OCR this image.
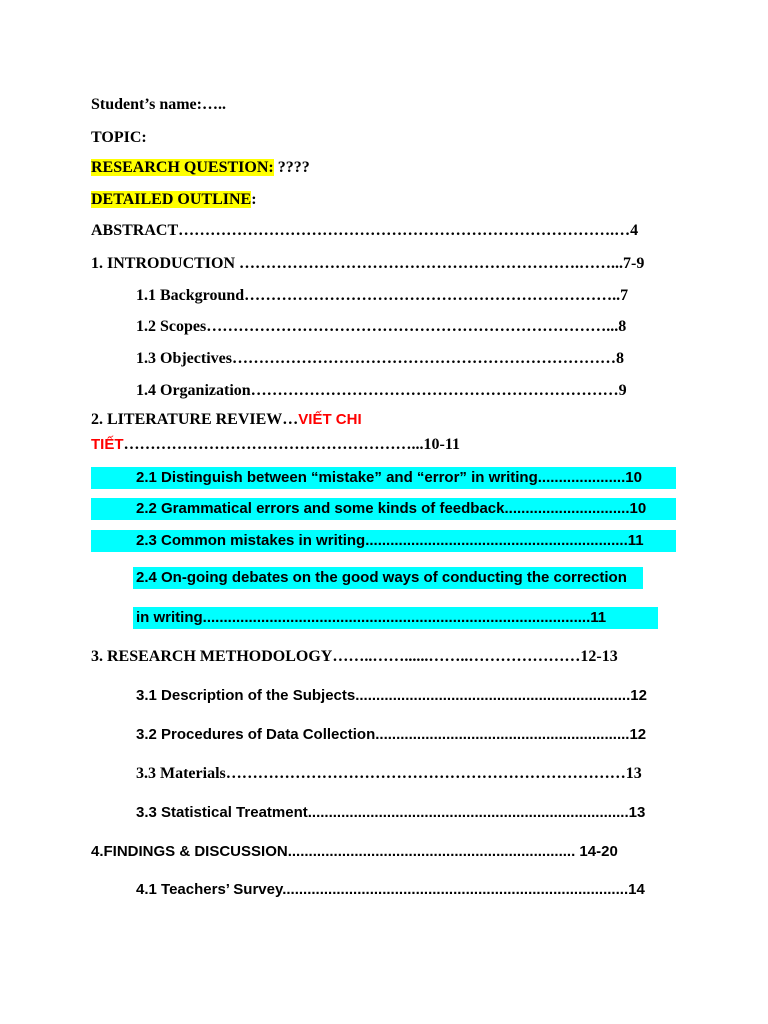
Student’s name:…..
TOPIC:
RESEARCH QUESTION: ????
DETAILED OUTLINE:
ABSTRACT……………………………………………………………………….…4
1. INTRODUCTION ……………………………………………………….……...7-9
1.1 Background……………………………………………………………..7
1.2 Scopes…………………………………………………………………...8
1.3 Objectives………………………………………………………………8
1.4 Organization……………………………………………………………9
2. LITERATURE REVIEW…VIẾT CHI
TIẾT………………………………………………...10-11
2.1 Distinguish between “mistake” and “error” in writing.....................10
2.2 Grammatical errors and some kinds of feedback..............................10
2.3 Common mistakes in writing...............................................................11
2.4 On-going debates on the good ways of conducting the correction
in writing.............................................................................................11
3. RESEARCH METHODOLOGY……..……......……..…………………12-13
3.1 Description of the Subjects..................................................................12
3.2 Procedures of Data Collection.............................................................12
3.3 Materials…………………………………………………………………13
3.3 Statistical Treatment.............................................................................13
4.FINDINGS & DISCUSSION..................................................................... 14-20
4.1 Teachers’ Survey...................................................................................14
